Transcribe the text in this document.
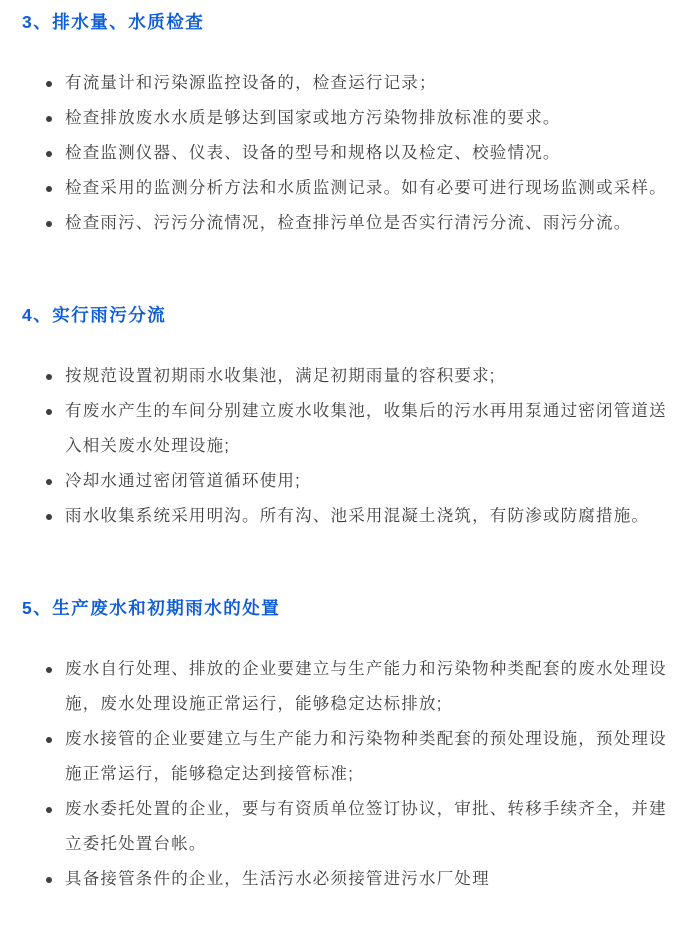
3、排水量、水质检查
有流量计和污染源监控设备的，检查运行记录；
检查排放废水水质是够达到国家或地方污染物排放标准的要求。
检查监测仪器、仪表、设备的型号和规格以及检定、校验情况。
检查采用的监测分析方法和水质监测记录。如有必要可进行现场监测或采样。
检查雨污、污污分流情况，检查排污单位是否实行清污分流、雨污分流。
4、实行雨污分流
按规范设置初期雨水收集池，满足初期雨量的容积要求;
有废水产生的车间分别建立废水收集池，收集后的污水再用泵通过密闭管道送入相关废水处理设施;
冷却水通过密闭管道循环使用;
雨水收集系统采用明沟。所有沟、池采用混凝土浇筑，有防渗或防腐措施。
5、生产废水和初期雨水的处置
废水自行处理、排放的企业要建立与生产能力和污染物种类配套的废水处理设施，废水处理设施正常运行，能够稳定达标排放;
废水接管的企业要建立与生产能力和污染物种类配套的预处理设施，预处理设施正常运行，能够稳定达到接管标准;
废水委托处置的企业，要与有资质单位签订协议，审批、转移手续齐全，并建立委托处置台帐。
具备接管条件的企业，生活污水必须接管进污水厂处理
